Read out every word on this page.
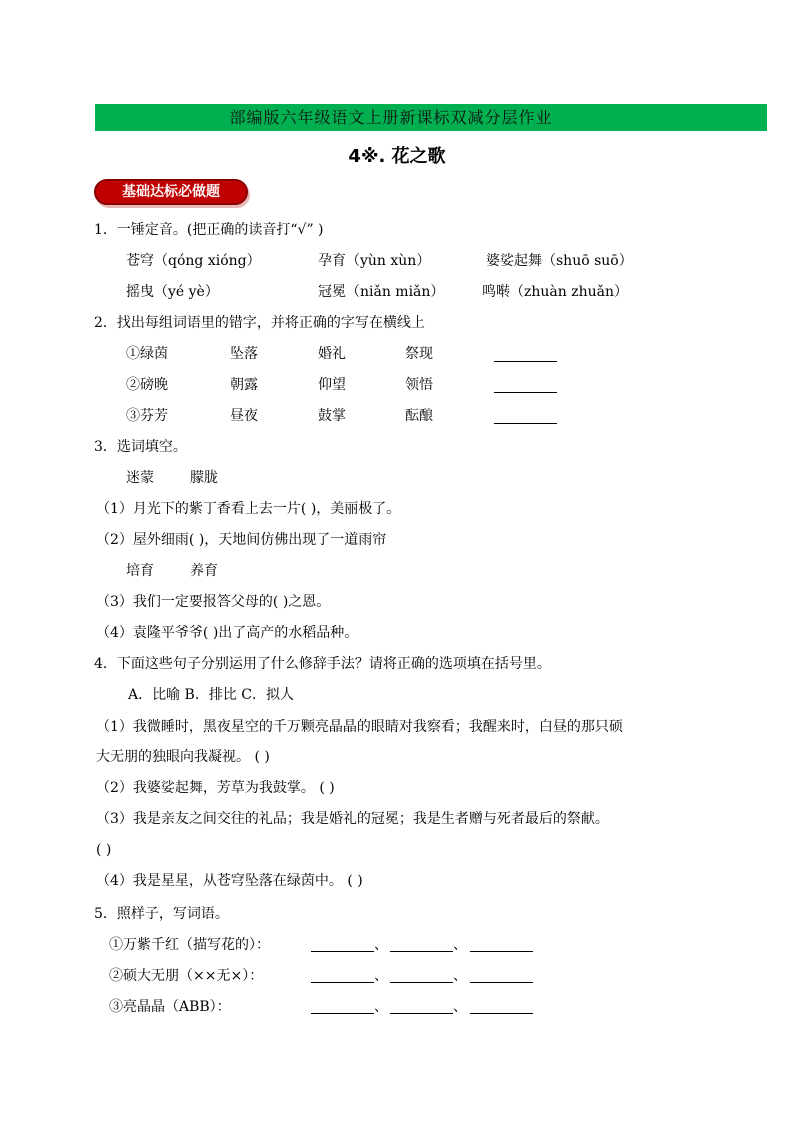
部编版六年级语文上册新课标双减分层作业
4※. 花之歌
基础达标必做题
1．一锤定音。(把正确的读音打“√” )
苍穹（qóng xióng）	孕育（yùn xùn）	婆娑起舞（shuō suō）
摇曳（yé yè）	冠冕（niǎn miǎn）	鸣啭（zhuàn zhuǎn）
2．找出每组词语里的错字，并将正确的字写在横线上
①绿茵	坠落	婚礼	祭现
②磅晚	朝露	仰望	领悟
③芬芳	昼夜	鼓掌	酝酿
3．选词填空。
迷蒙	朦胧
（1）月光下的紫丁香看上去一片( )，美丽极了。
（2）屋外细雨( )，天地间仿佛出现了一道雨帘
培育	养育
（3）我们一定要报答父母的( )之恩。
（4）袁隆平爷爷( )出了高产的水稻品种。
4．下面这些句子分别运用了什么修辞手法？请将正确的选项填在括号里。
A．比喻 B．排比 C．拟人
（1）我微睡时，黑夜星空的千万颗亮晶晶的眼睛对我察看；我醒来时，白昼的那只硕
大无朋的独眼向我凝视。 ( )
（2）我婆娑起舞，芳草为我鼓掌。 ( )
（3）我是亲友之间交往的礼品；我是婚礼的冠冕；我是生者赠与死者最后的祭献。
( )
（4）我是星星，从苍穹坠落在绿茵中。 ( )
5．照样子，写词语。
①万紫千红（描写花的）：	、	、
②硕大无朋（××无×）：	、	、
③亮晶晶（ABB）：	、	、
